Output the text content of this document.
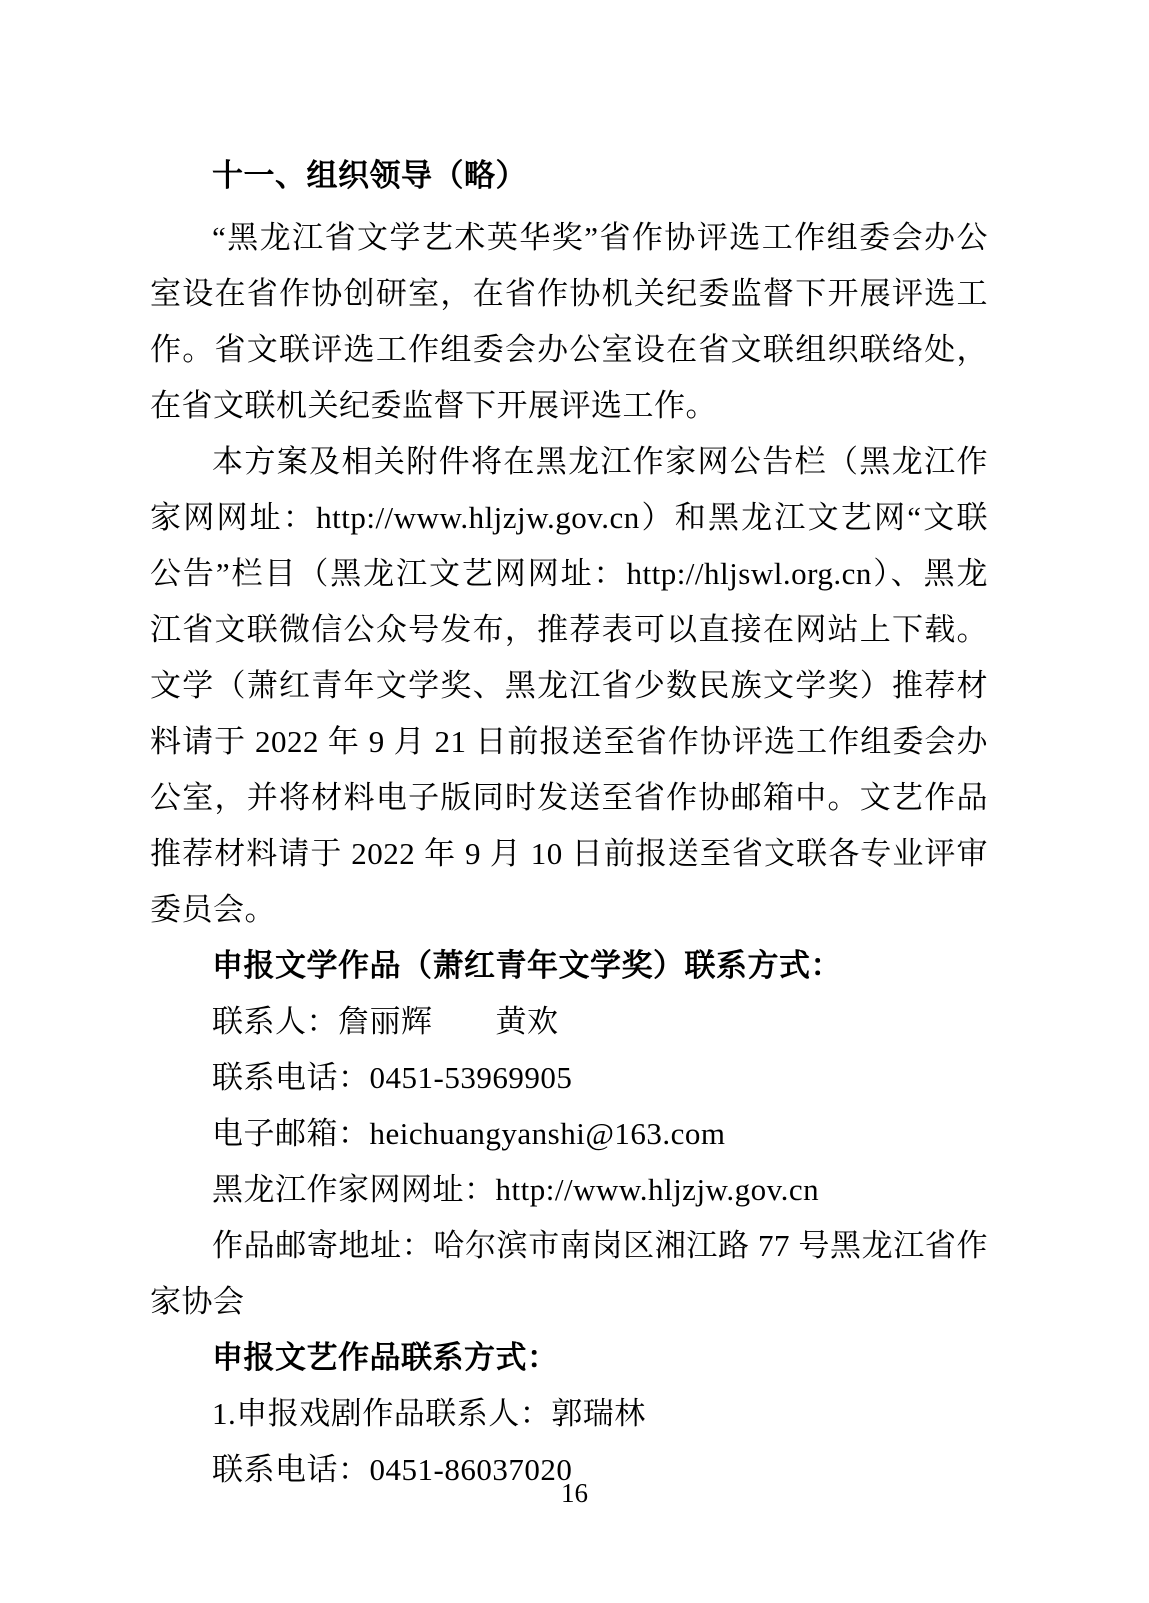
十一、组织领导（略）

“黑龙江省文学艺术英华奖”省作协评选工作组委会办公室设在省作协创研室，在省作协机关纪委监督下开展评选工作。省文联评选工作组委会办公室设在省文联组织联络处，在省文联机关纪委监督下开展评选工作。

本方案及相关附件将在黑龙江作家网公告栏（黑龙江作家网网址：http://www.hljzjw.gov.cn）和黑龙江文艺网“文联公告”栏目（黑龙江文艺网网址：http://hljswl.org.cn）、黑龙江省文联微信公众号发布，推荐表可以直接在网站上下载。文学（萧红青年文学奖、黑龙江省少数民族文学奖）推荐材料请于 2022 年 9 月 21 日前报送至省作协评选工作组委会办公室，并将材料电子版同时发送至省作协邮箱中。文艺作品推荐材料请于 2022 年 9 月 10 日前报送至省文联各专业评审委员会。

申报文学作品（萧红青年文学奖）联系方式：

联系人：詹丽辉　　黄欢

联系电话：0451-53969905

电子邮箱：heichuangyanshi@163.com

黑龙江作家网网址：http://www.hljzjw.gov.cn

作品邮寄地址：哈尔滨市南岗区湘江路 77 号黑龙江省作家协会

申报文艺作品联系方式：

1.申报戏剧作品联系人：郭瑞林

联系电话：0451-86037020

16
